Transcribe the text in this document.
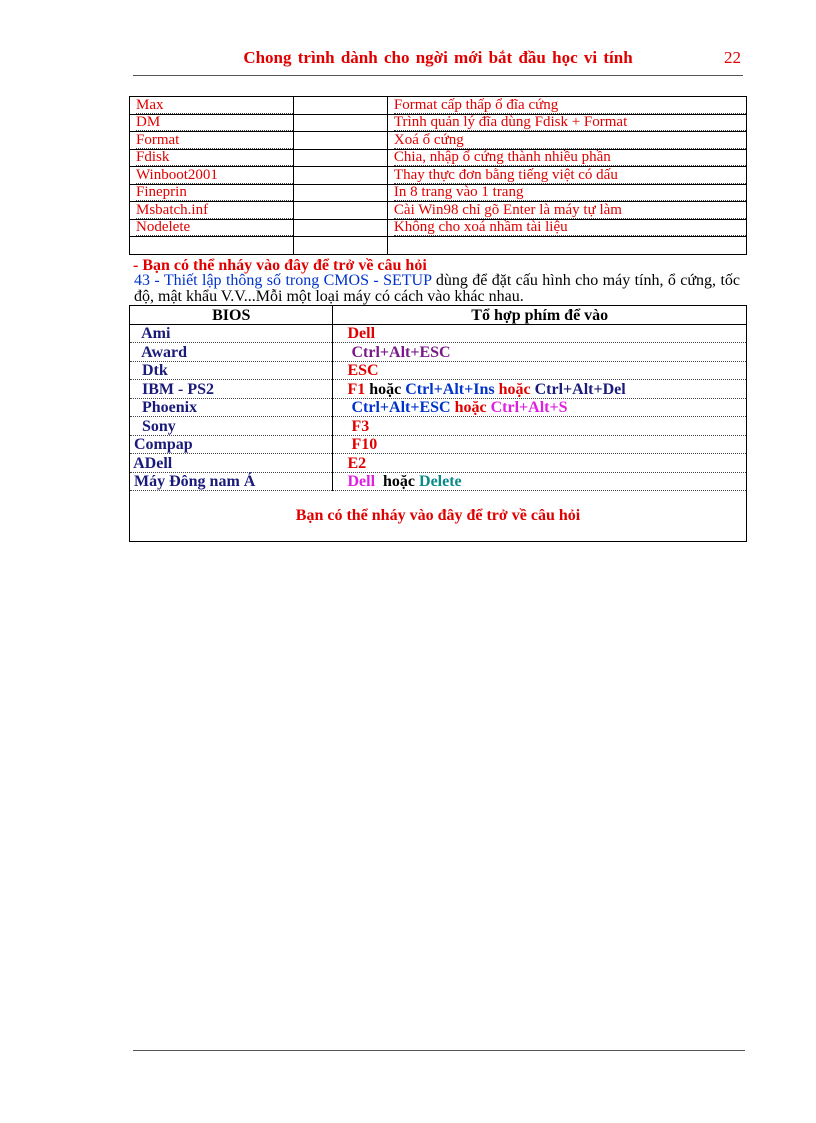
Chong trình dành cho ngời mới bắt đầu học vi tính	22
Max		Format cấp thấp ổ đĩa cứng
DM		Trình quản lý đĩa dùng Fdisk + Format
Format		Xoá ổ cứng
Fdisk		Chia, nhập ổ cứng thành nhiều phần
Winboot2001		Thay thực đơn bằng tiếng việt có dấu
Fineprin		In 8 trang vào 1 trang
Msbatch.inf		Cài Win98 chỉ gõ Enter là máy tự làm
Nodelete		Không cho xoá nhầm tài liệu

- Bạn có thể nháy vào đây để trở về câu hỏi
43 - Thiết lập thông số trong CMOS - SETUP dùng để đặt cấu hình cho máy tính, ổ cứng, tốc độ, mật khẩu V.V...Mỗi một loại máy có cách vào khác nhau.
BIOS	Tổ hợp phím để vào
Ami	Dell
Award	Ctrl+Alt+ESC
Dtk	ESC
IBM - PS2	F1 hoặc Ctrl+Alt+Ins hoặc Ctrl+Alt+Del
Phoenix	Ctrl+Alt+ESC hoặc Ctrl+Alt+S
Sony	F3
Compap	F10
ADell	E2
Máy Đông nam Á	Dell  hoặc Delete
Bạn có thể nháy vào đây để trở về câu hỏi	
